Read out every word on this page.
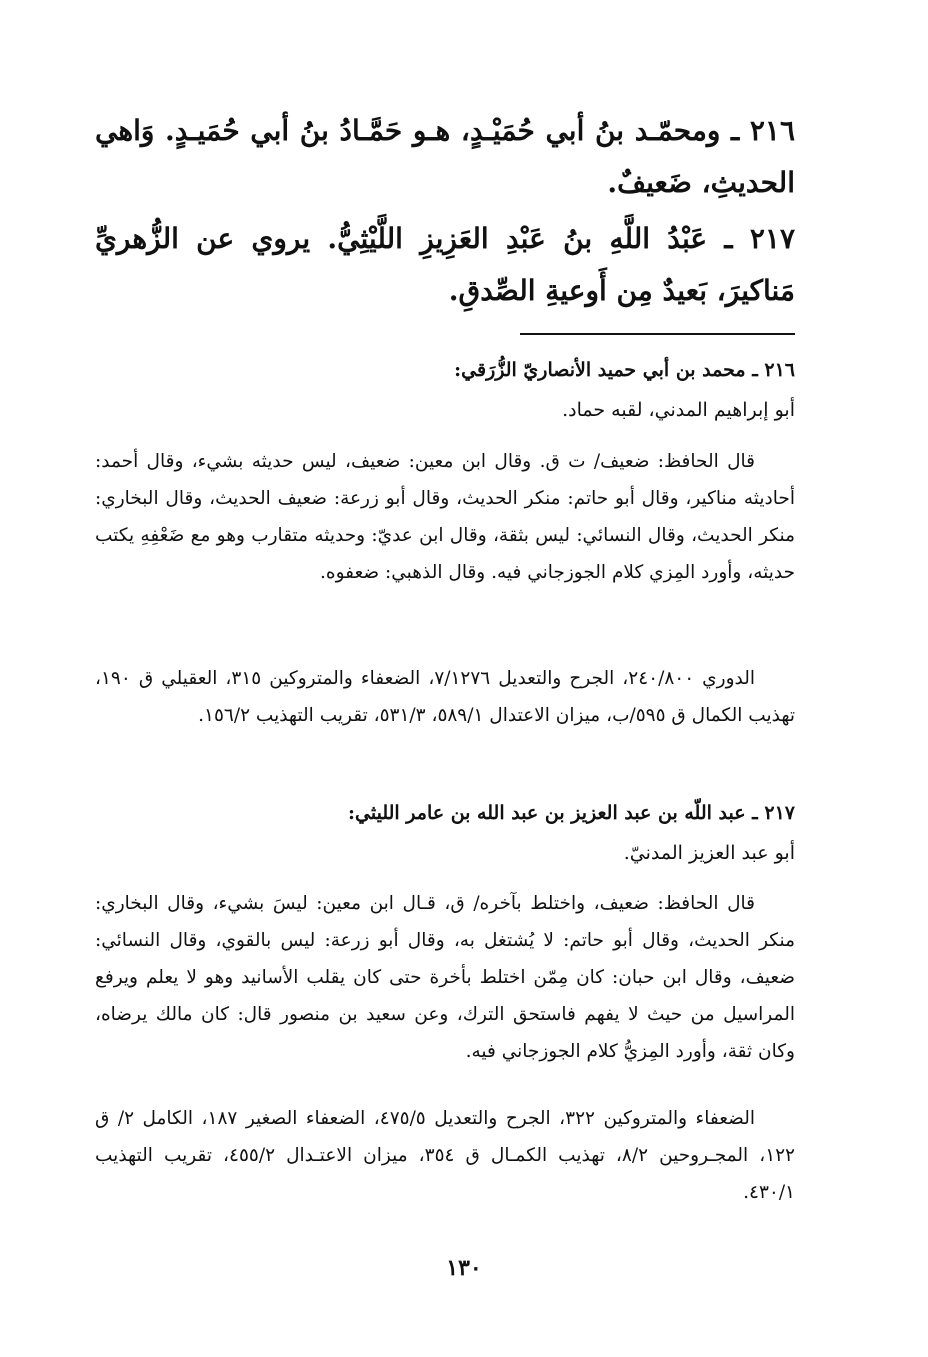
٢١٦ ـ ومحمّـد بنُ أبي حُمَيْـدٍ، هـو حَمَّـادُ بنُ أبي حُمَيـدٍ. وَاهي الحديثِ، ضَعيفٌ.
٢١٧ ـ عَبْدُ اللَّهِ بنُ عَبْدِ العَزِيزِ اللَّيْثِيُّ. يروي عن الزُّهريِّ مَناكيرَ، بَعيدٌ مِن أَوعيةِ الصِّدقِ.
٢١٦ ـ محمد بن أبي حميد الأنصاريّ الزُّرَقي:
أبو إبراهيم المدني، لقبه حماد.
قال الحافظ: ضعيف/ ت ق. وقال ابن معين: ضعيف، ليس حديثه بشيء، وقال أحمد: أحاديثه مناكير، وقال أبو حاتم: منكر الحديث، وقال أبو زرعة: ضعيف الحديث، وقال البخاري: منكر الحديث، وقال النسائي: ليس بثقة، وقال ابن عديّ: وحديثه متقارب وهو مع ضَعْفِهِ يكتب حديثه، وأورد المِزي كلام الجوزجاني فيه. وقال الذهبي: ضعفوه.
الدوري ٢٤٠/٨٠٠، الجرح والتعديل ٧/١٢٧٦، الضعفاء والمتروكين ٣١٥، العقيلي ق ١٩٠، تهذيب الكمال ق ٥٩٥/ب، ميزان الاعتدال ٥٨٩/١، ٥٣١/٣، تقريب التهذيب ١٥٦/٢.
٢١٧ ـ عبد اللّه بن عبد العزيز بن عبد الله بن عامر الليثي:
أبو عبد العزيز المدنيّ.
قال الحافظ: ضعيف، واختلط بآخره/ ق، قـال ابن معين: ليسَ بشيء، وقال البخاري: منكر الحديث، وقال أبو حاتم: لا يُشتغل به، وقال أبو زرعة: ليس بالقوي، وقال النسائي: ضعيف، وقال ابن حبان: كان مِمّن اختلط بأخرة حتى كان يقلب الأسانيد وهو لا يعلم ويرفع المراسيل من حيث لا يفهم فاستحق الترك، وعن سعيد بن منصور قال: كان مالك يرضاه، وكان ثقة، وأورد المِزيُّ كلام الجوزجاني فيه.
الضعفاء والمتروكين ٣٢٢، الجرح والتعديل ٤٧٥/٥، الضعفاء الصغير ١٨٧، الكامل ٢/ ق ١٢٢، المجـروحين ٨/٢، تهذيب الكمـال ق ٣٥٤، ميزان الاعتـدال ٤٥٥/٢، تقريب التهذيب ٤٣٠/١.
١٣٠
